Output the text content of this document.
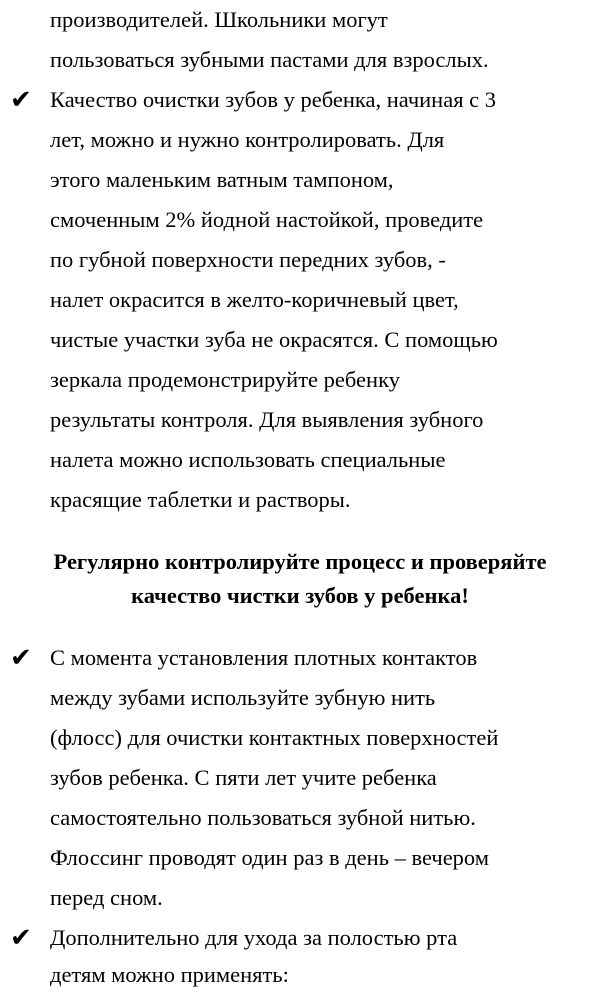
производителей. Школьники могут
пользоваться зубными пастами для взрослых.
✔ Качество очистки зубов у ребенка, начиная с 3
лет, можно и нужно контролировать. Для
этого маленьким ватным тампоном,
смоченным 2% йодной настойкой, проведите
по губной поверхности передних зубов, -
налет окрасится в желто-коричневый цвет,
чистые участки зуба не окрасятся. С помощью
зеркала продемонстрируйте ребенку
результаты контроля. Для выявления зубного
налета можно использовать специальные
красящие таблетки и растворы.
Регулярно контролируйте процесс и проверяйте
качество чистки зубов у ребенка!
✔ С момента установления плотных контактов
между зубами используйте зубную нить
(флосс) для очистки контактных поверхностей
зубов ребенка. С пяти лет учите ребенка
самостоятельно пользоваться зубной нитью.
Флоссинг проводят один раз в день – вечером
перед сном.
✔ Дополнительно для ухода за полостью рта
детям можно применять:
